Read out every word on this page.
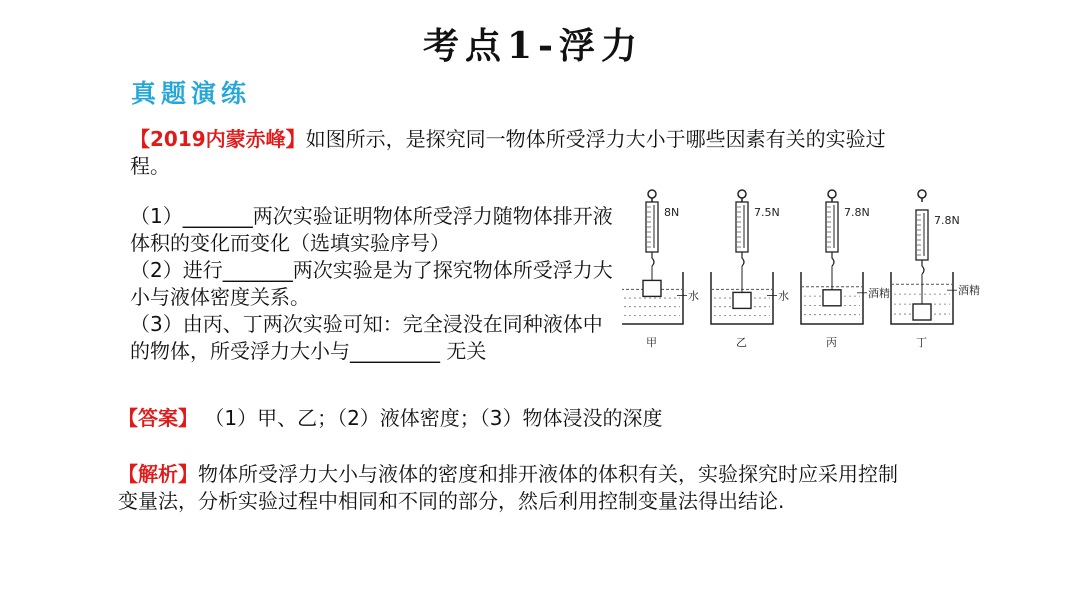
考点1-浮力
真题演练
【2019内蒙赤峰】如图所示，是探究同一物体所受浮力大小于哪些因素有关的实验过程。
（1）_______两次实验证明物体所受浮力随物体排开液体积的变化而变化（选填实验序号）
（2）进行_______两次实验是为了探究物体所受浮力大小与液体密度关系。
（3）由丙、丁两次实验可知：完全浸没在同种液体中的物体，所受浮力大小与_________ 无关
8N
水
甲
7.5N
水
乙
7.8N
酒精
丙
7.8N
酒精
丁
【答案】 （1）甲、乙；（2）液体密度；（3）物体浸没的深度
【解析】物体所受浮力大小与液体的密度和排开液体的体积有关，实验探究时应采用控制变量法，分析实验过程中相同和不同的部分，然后利用控制变量法得出结论.
